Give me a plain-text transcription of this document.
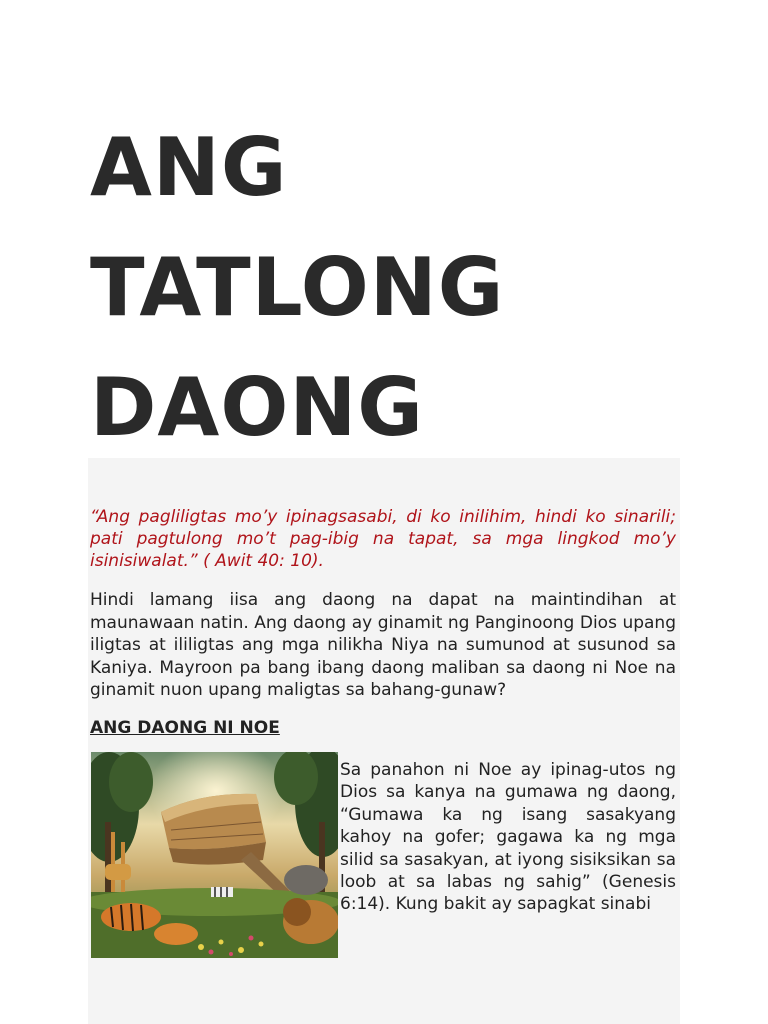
ANG
TATLONG
DAONG

“Ang pagliligtas mo’y ipinagsasabi, di ko inilihim, hindi ko sinarili; pati pagtulong mo’t pag-ibig na tapat, sa mga lingkod mo’y isinisiwalat.” ( Awit 40: 10).

Hindi lamang iisa ang daong na dapat na maintindihan at maunawaan natin. Ang daong ay ginamit ng Panginoong Dios upang iligtas at ililigtas ang mga nilikha Niya na sumunod at susunod sa Kaniya. Mayroon pa bang ibang daong maliban sa daong ni Noe na ginamit nuon upang maligtas sa bahang-gunaw?

ANG DAONG NI NOE

Sa panahon ni Noe ay ipinag-utos ng Dios sa kanya na gumawa ng daong, “Gumawa ka ng isang sasakyang kahoy na gofer; gagawa ka ng mga silid sa sasakyan, at iyong sisiksikan sa loob at sa labas ng sahig” (Genesis 6:14). Kung bakit ay sapagkat sinabi
